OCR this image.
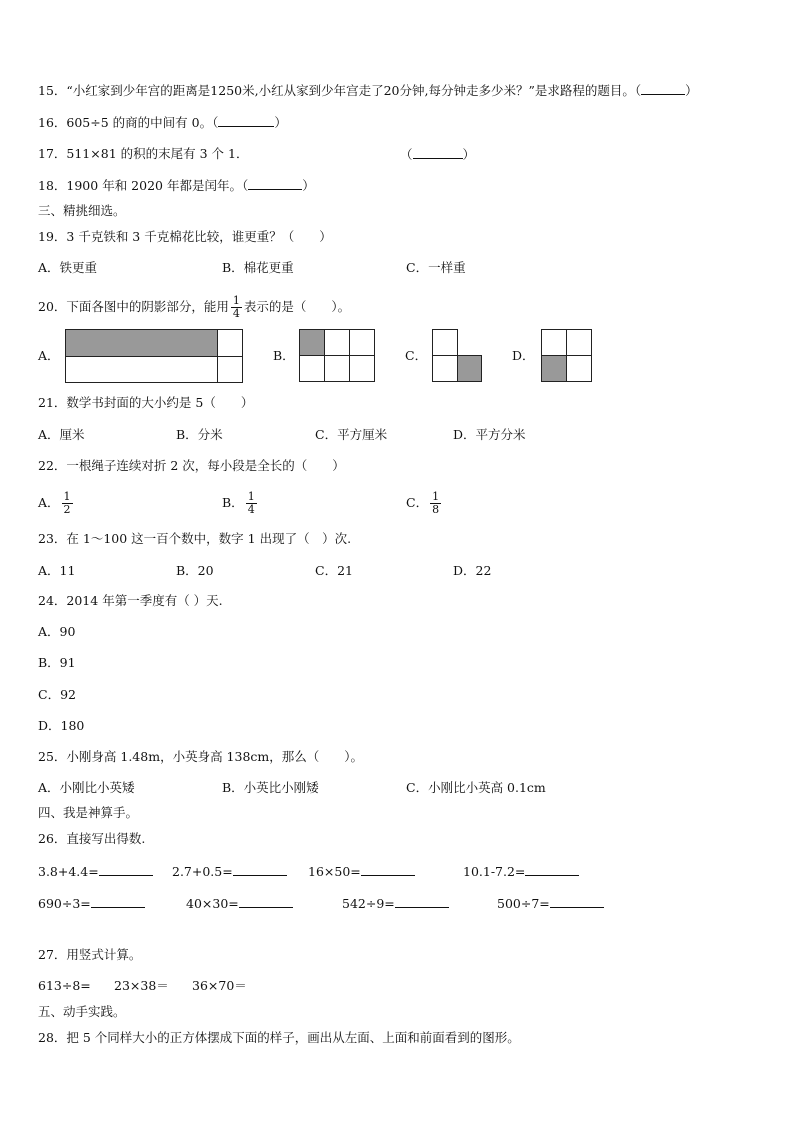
15．“小红家到少年宫的距离是1250米,小红从家到少年宫走了20分钟,每分钟走多少米？”是求路程的题目。（	）
16．605÷5 的商的中间有 0。（	）
17．511×81 的积的末尾有 3 个 1．	（	）
18．1900 年和 2020 年都是闰年。（	）
三、精挑细选。
19．3 千克铁和 3 千克棉花比较，谁更重？（　　）
A．铁更重	B．棉花更重	C．一样重
20．下面各图中的阴影部分，能用 $\frac{1}{4}$ 表示的是（　　）。
A．	B．	C．	D．
21．数学书封面的大小约是 5（　　）
A．厘米	B．分米	C．平方厘米	D．平方分米
22．一根绳子连续对折 2 次，每小段是全长的（　　）
A． $\frac{1}{2}$	B． $\frac{1}{4}$	C． $\frac{1}{8}$
23．在 1～100 这一百个数中，数字 1 出现了（　）次.
A．11	B．20	C．21	D．22
24．2014 年第一季度有（ ）天.
A．90
B．91
C．92
D．180
25．小刚身高 1.48m，小英身高 138cm，那么（　　）。
A．小刚比小英矮	B．小英比小刚矮	C．小刚比小英高 0.1cm
四、我是神算手。
26．直接写出得数.
3.8+4.4=	2.7+0.5=	16×50=	10.1-7.2=
690÷3=	40×30=	542÷9=	500÷7=
27．用竖式计算。
613÷8= 23×38＝ 36×70＝
五、动手实践。
28．把 5 个同样大小的正方体摆成下面的样子，画出从左面、上面和前面看到的图形。
